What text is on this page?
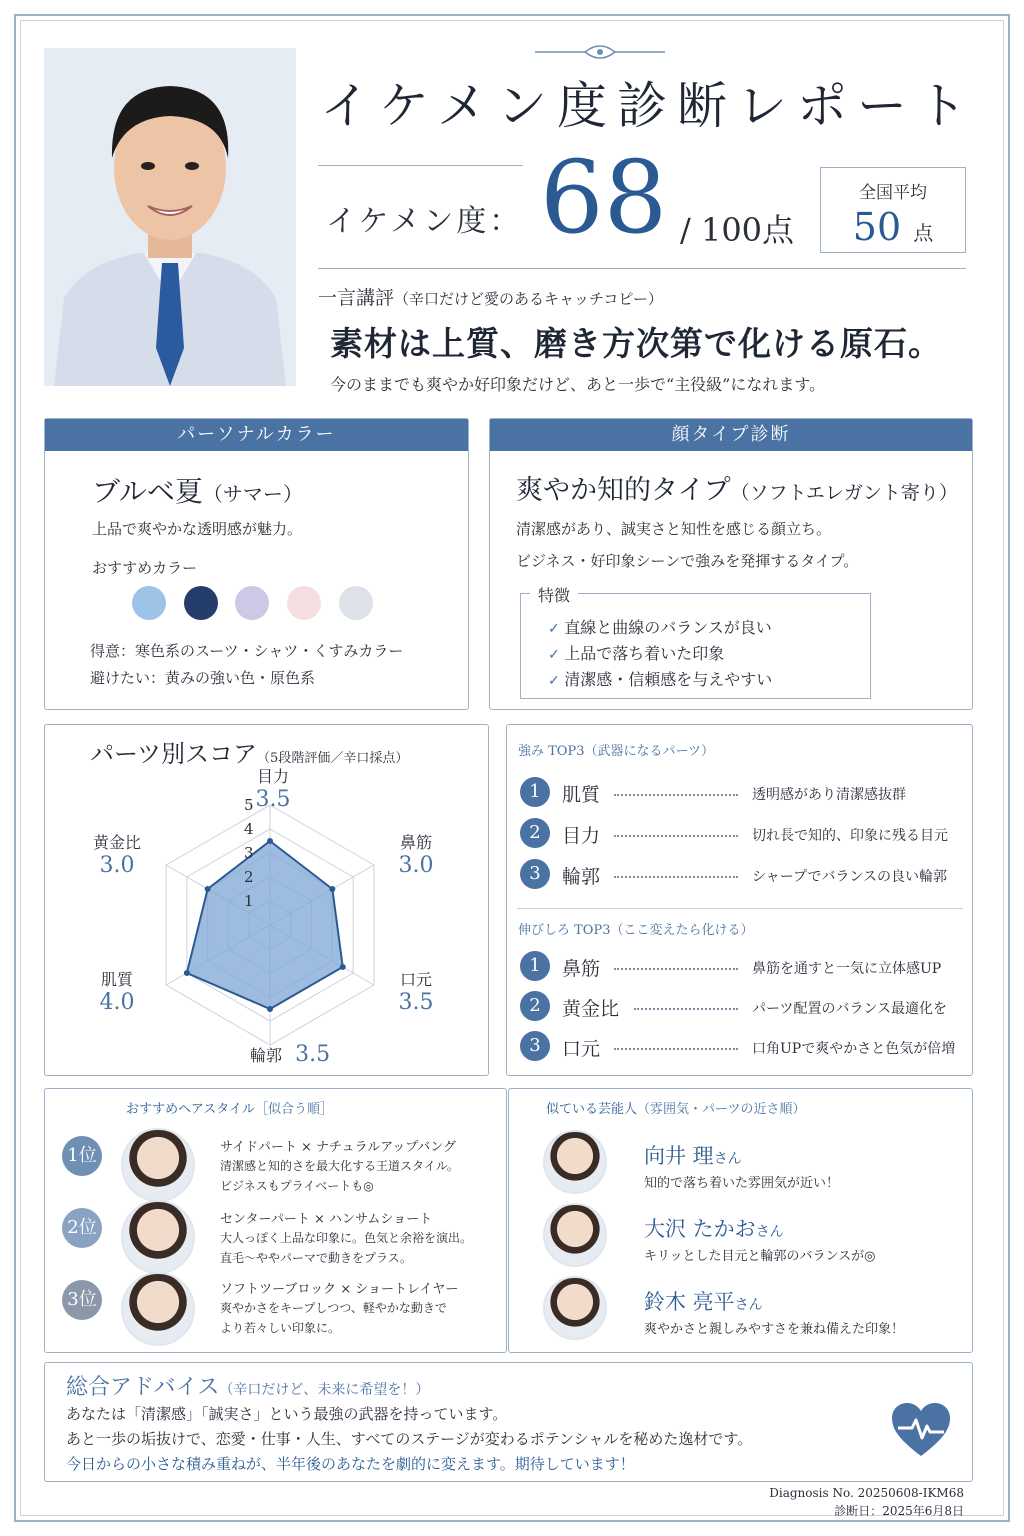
イケメン度診断レポート
イケメン度： 68 / 100点
全国平均
50 点
一言講評（辛口だけど愛のあるキャッチコピー）
素材は上質、磨き方次第で化ける原石。
今のままでも爽やか好印象だけど、あと一歩で“主役級”になれます。
パーソナルカラー
ブルベ夏（サマー）
上品で爽やかな透明感が魅力。
おすすめカラー
得意：寒色系のスーツ・シャツ・くすみカラー
避けたい：黄みの強い色・原色系
顔タイプ診断
爽やか知的タイプ（ソフトエレガント寄り）
清潔感があり、誠実さと知性を感じる顔立ち。
ビジネス・好印象シーンで強みを発揮するタイプ。
特徴
✓ 直線と曲線のバランスが良い
✓ 上品で落ち着いた印象
✓ 清潔感・信頼感を与えやすい
パーツ別スコア（5段階評価／辛口採点）
1
2
3
4
5
目力
3.5
鼻筋
3.0
口元
3.5
輪郭 3.5
肌質
4.0
黄金比
3.0
強み TOP3（武器になるパーツ）
1	肌質	透明感があり清潔感抜群
2	目力	切れ長で知的、印象に残る目元
3	輪郭	シャープでバランスの良い輪郭
伸びしろ TOP3（ここ変えたら化ける）
1	鼻筋	鼻筋を通すと一気に立体感UP
2	黄金比	パーツ配置のバランス最適化を
3	口元	口角UPで爽やかさと色気が倍増
おすすめヘアスタイル［似合う順］
1位	サイドパート × ナチュラルアップバング
清潔感と知的さを最大化する王道スタイル。
ビジネスもプライベートも◎
2位	センターパート × ハンサムショート
大人っぽく上品な印象に。色気と余裕を演出。
直毛〜ややパーマで動きをプラス。
3位	ソフトツーブロック × ショートレイヤー
爽やかさをキープしつつ、軽やかな動きで
より若々しい印象に。
似ている芸能人（雰囲気・パーツの近さ順）
向井 理さん
知的で落ち着いた雰囲気が近い！
大沢 たかおさん
キリッとした目元と輪郭のバランスが◎
鈴木 亮平さん
爽やかさと親しみやすさを兼ね備えた印象！
総合アドバイス（辛口だけど、未来に希望を！）
あなたは「清潔感」「誠実さ」という最強の武器を持っています。
あと一歩の垢抜けで、恋愛・仕事・人生、すべてのステージが変わるポテンシャルを秘めた逸材です。
今日からの小さな積み重ねが、半年後のあなたを劇的に変えます。期待しています！
Diagnosis No. 20250608-IKM68
診断日：2025年6月8日
